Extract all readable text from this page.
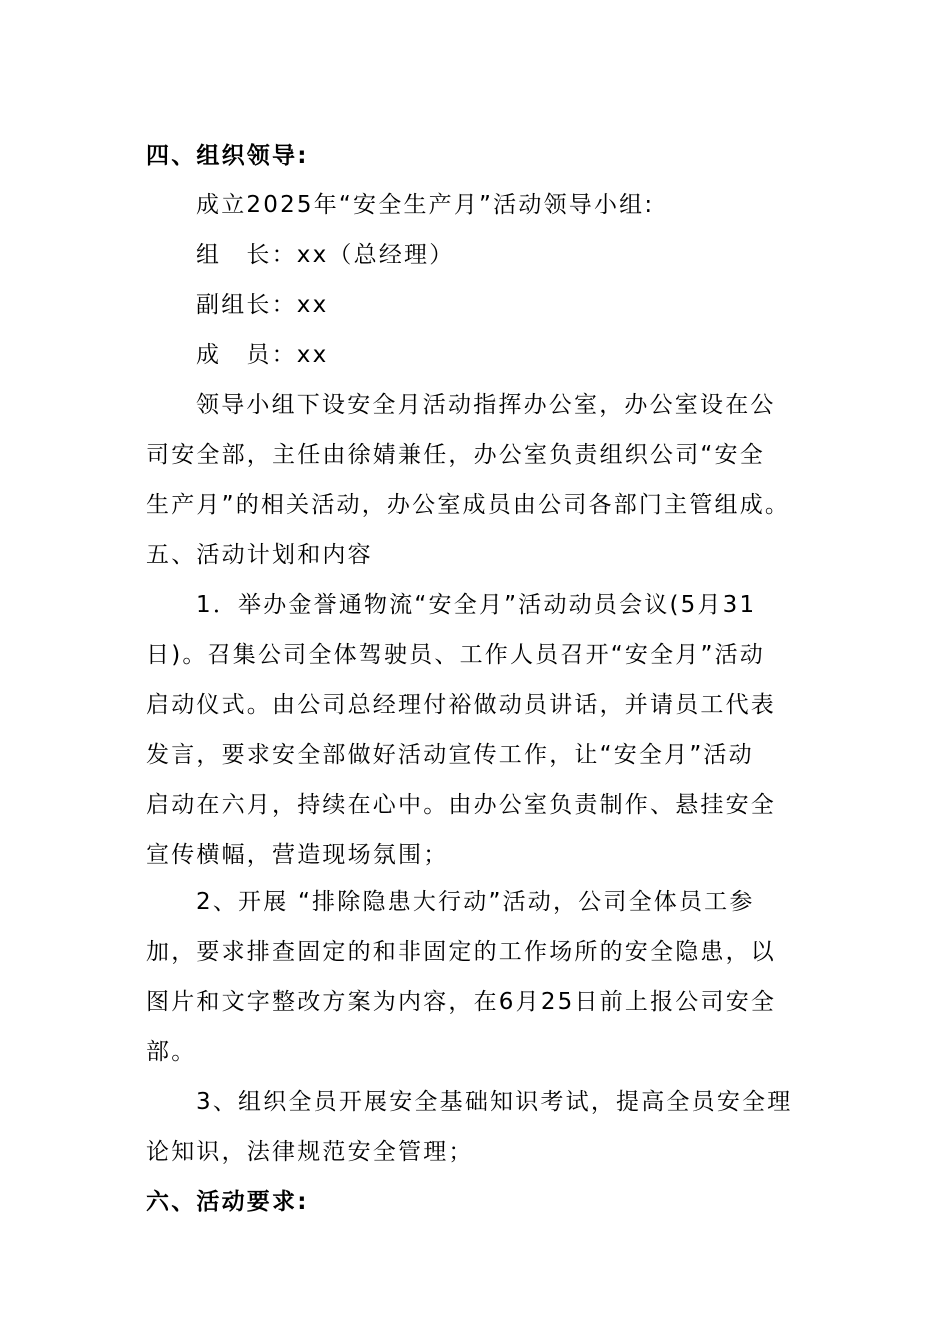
四、组织领导:
成立2025年“安全生产月”活动领导小组:
组　长：xx（总经理）
副组长：xx
成　员：xx
领导小组下设安全月活动指挥办公室，办公室设在公
司安全部，主任由徐婧兼任，办公室负责组织公司“安全
生产月”的相关活动，办公室成员由公司各部门主管组成。
五、活动计划和内容
1．举办金誉通物流“安全月”活动动员会议(5月31
日)。召集公司全体驾驶员、工作人员召开“安全月”活动
启动仪式。由公司总经理付裕做动员讲话，并请员工代表
发言，要求安全部做好活动宣传工作，让“安全月”活动
启动在六月，持续在心中。由办公室负责制作、悬挂安全
宣传横幅，营造现场氛围；
2、开展 “排除隐患大行动”活动，公司全体员工参
加，要求排查固定的和非固定的工作场所的安全隐患，以
图片和文字整改方案为内容，在6月25日前上报公司安全
部。
3、组织全员开展安全基础知识考试，提高全员安全理
论知识，法律规范安全管理；
六、活动要求:
